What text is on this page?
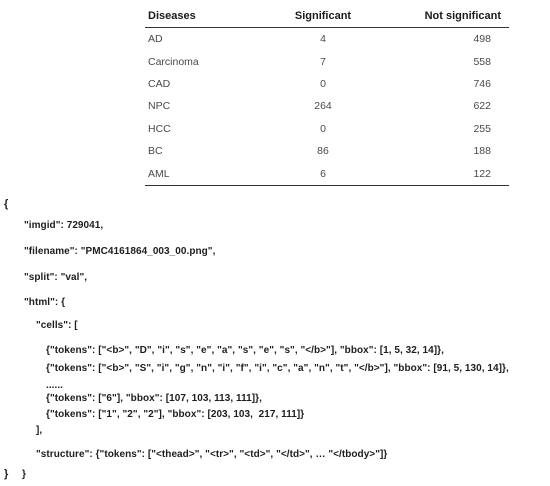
Diseases	Significant	Not significant
AD	4	498
Carcinoma	7	558
CAD	0	746
NPC	264	622
HCC	0	255
BC	86	188
AML	6	122
{
"imgid": 729041,
"filename": "PMC4161864_003_00.png",
"split": "val",
"html": {
"cells": [
{"tokens": ["<b>", "D", "i", "s", "e", "a", "s", "e", "s", "</b>"], "bbox": [1, 5, 32, 14]},
{"tokens": ["<b>", "S", "i", "g", "n", "i", "f", "i", "c", "a", "n", "t", "</b>"], "bbox": [91, 5, 130, 14]},
......
{"tokens": ["6"], "bbox": [107, 103, 113, 111]},
{"tokens": ["1", "2", "2"], "bbox": [203, 103,  217, 111]}
],
"structure": {"tokens": ["<thead>", "<tr>", "<td>", "</td>", … "</tbody>"]}
}
}
